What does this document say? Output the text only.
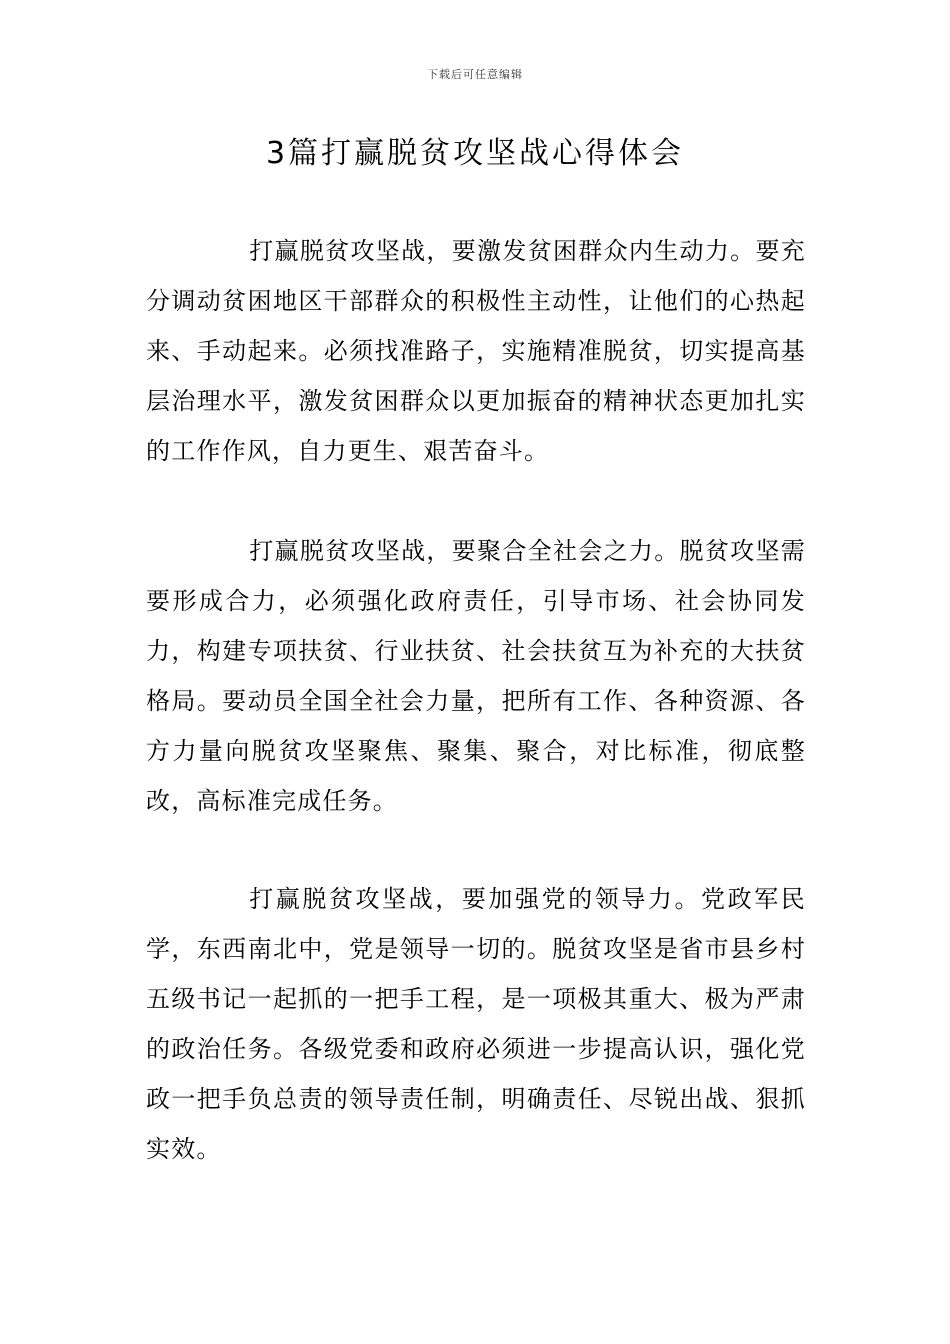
下载后可任意编辑
3篇打赢脱贫攻坚战心得体会

打赢脱贫攻坚战，要激发贫困群众内生动力。要充分调动贫困地区干部群众的积极性主动性，让他们的心热起来、手动起来。必须找准路子，实施精准脱贫，切实提高基层治理水平，激发贫困群众以更加振奋的精神状态更加扎实的工作作风，自力更生、艰苦奋斗。

打赢脱贫攻坚战，要聚合全社会之力。脱贫攻坚需要形成合力，必须强化政府责任，引导市场、社会协同发力，构建专项扶贫、行业扶贫、社会扶贫互为补充的大扶贫格局。要动员全国全社会力量，把所有工作、各种资源、各方力量向脱贫攻坚聚焦、聚集、聚合，对比标准，彻底整改，高标准完成任务。

打赢脱贫攻坚战，要加强党的领导力。党政军民学，东西南北中，党是领导一切的。脱贫攻坚是省市县乡村五级书记一起抓的一把手工程，是一项极其重大、极为严肃的政治任务。各级党委和政府必须进一步提高认识，强化党政一把手负总责的领导责任制，明确责任、尽锐出战、狠抓实效。
